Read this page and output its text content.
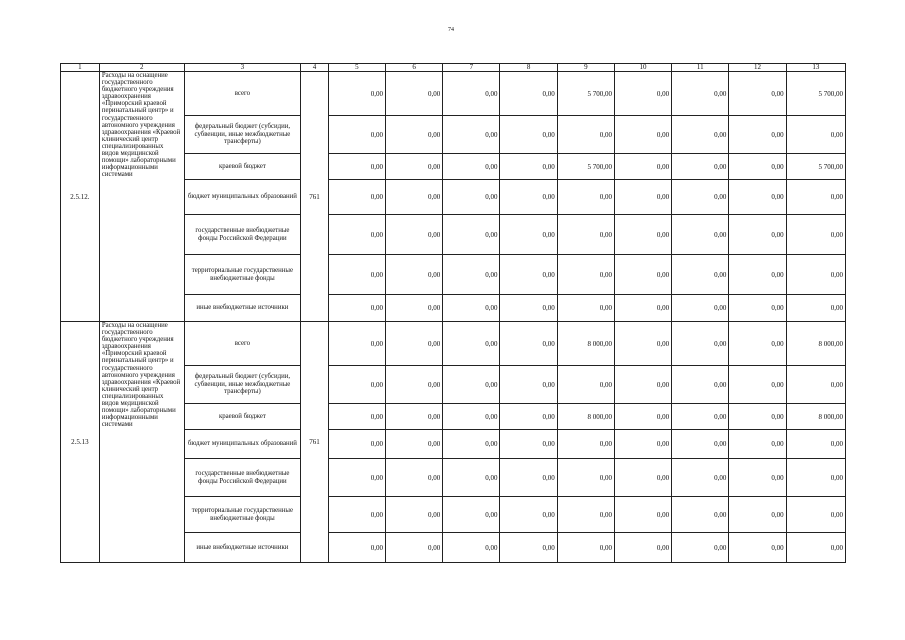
74
1	2	3	4	5	6	7	8	9	10	11	12	13
2.5.12.	Расходы на оснащение государственного бюджетного учреждения здравоохранения «Приморский краевой перинатальный центр» и государственного автономного учреждения здравоохранения «Краевой клинический центр специализированных видов медицинской помощи» лабораторными информационными системами	всего	761	0,00	0,00	0,00	0,00	5 700,00	0,00	0,00	0,00	5 700,00
		федеральный бюджет (субсидии, субвенции, иные межбюджетные трансферты)		0,00	0,00	0,00	0,00	0,00	0,00	0,00	0,00	0,00
		краевой бюджет		0,00	0,00	0,00	0,00	5 700,00	0,00	0,00	0,00	5 700,00
		бюджет муниципальных образований		0,00	0,00	0,00	0,00	0,00	0,00	0,00	0,00	0,00
		государственные внебюджетные фонды Российской Федерации		0,00	0,00	0,00	0,00	0,00	0,00	0,00	0,00	0,00
		территориальные государственные внебюджетные фонды		0,00	0,00	0,00	0,00	0,00	0,00	0,00	0,00	0,00
		иные внебюджетные источники		0,00	0,00	0,00	0,00	0,00	0,00	0,00	0,00	0,00
2.5.13	Расходы на оснащение государственного бюджетного учреждения здравоохранения «Приморский краевой перинатальный центр» и государственного автономного учреждения здравоохранения «Краевой клинический центр специализированных видов медицинской помощи» лабораторными информационными системами	всего	761	0,00	0,00	0,00	0,00	8 000,00	0,00	0,00	0,00	8 000,00
		федеральный бюджет (субсидии, субвенции, иные межбюджетные трансферты)		0,00	0,00	0,00	0,00	0,00	0,00	0,00	0,00	0,00
		краевой бюджет		0,00	0,00	0,00	0,00	8 000,00	0,00	0,00	0,00	8 000,00
		бюджет муниципальных образований		0,00	0,00	0,00	0,00	0,00	0,00	0,00	0,00	0,00
		государственные внебюджетные фонды Российской Федерации		0,00	0,00	0,00	0,00	0,00	0,00	0,00	0,00	0,00
		территориальные государственные внебюджетные фонды		0,00	0,00	0,00	0,00	0,00	0,00	0,00	0,00	0,00
		иные внебюджетные источники		0,00	0,00	0,00	0,00	0,00	0,00	0,00	0,00	0,00
